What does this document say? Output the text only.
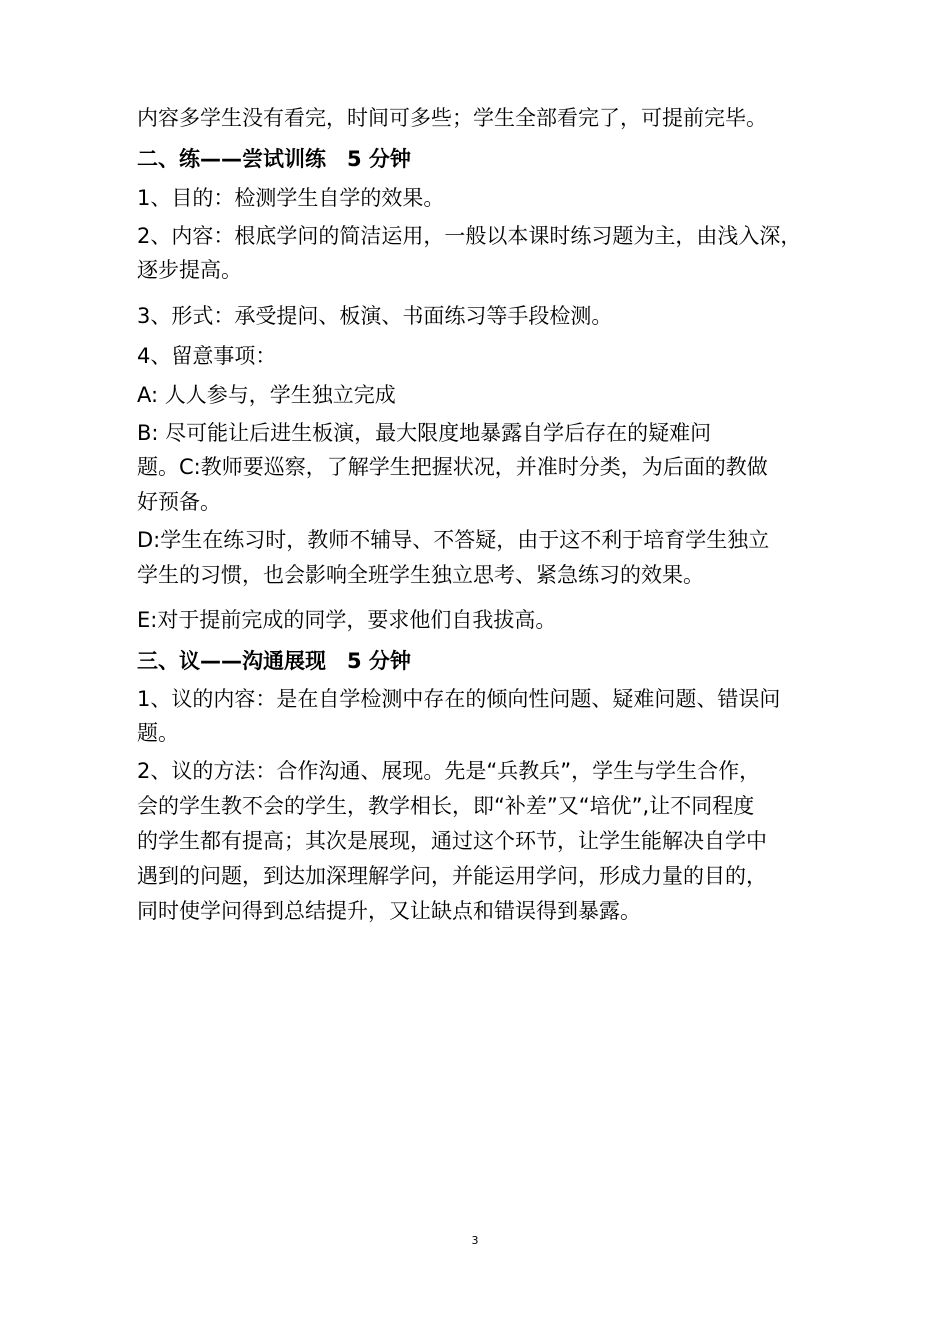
内容多学生没有看完，时间可多些；学生全部看完了，可提前完毕。
二、练——尝试训练　5 分钟
1、目的：检测学生自学的效果。
2、内容：根底学问的简洁运用，一般以本课时练习题为主，由浅入深，
逐步提高。
3、形式：承受提问、板演、书面练习等手段检测。
4、留意事项：
A: 人人参与，学生独立完成
B: 尽可能让后进生板演，最大限度地暴露自学后存在的疑难问
题。C:教师要巡察，了解学生把握状况，并准时分类，为后面的教做
好预备。
D:学生在练习时，教师不辅导、不答疑，由于这不利于培育学生独立
学生的习惯，也会影响全班学生独立思考、紧急练习的效果。
E:对于提前完成的同学，要求他们自我拔高。
三、议——沟通展现　5 分钟
1、议的内容：是在自学检测中存在的倾向性问题、疑难问题、错误问
题。
2、议的方法：合作沟通、展现。先是“兵教兵”，学生与学生合作，
会的学生教不会的学生，教学相长，即“补差”又“培优”,让不同程度
的学生都有提高；其次是展现，通过这个环节，让学生能解决自学中
遇到的问题，到达加深理解学问，并能运用学问，形成力量的目的，
同时使学问得到总结提升，又让缺点和错误得到暴露。
3
